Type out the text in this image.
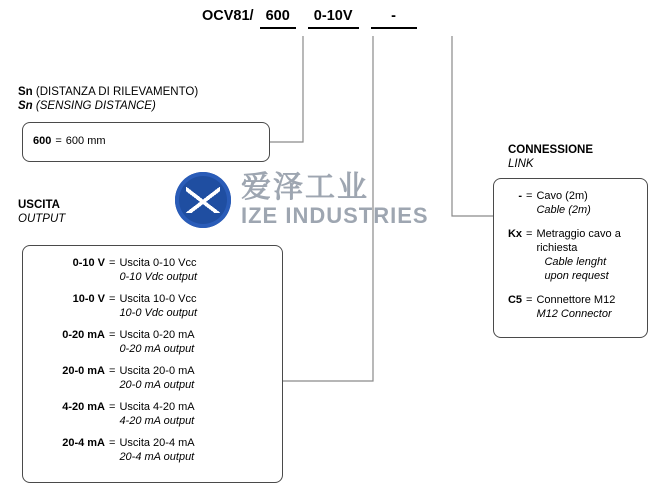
OCV81/ 600	0-10V	-
Sn (DISTANZA DI RILEVAMENTO)
Sn (SENSING DISTANCE)
600 = 600 mm
USCITA
OUTPUT
0-10 V = Uscita 0-10 Vcc
0-10 Vdc output
10-0 V = Uscita 10-0 Vcc
10-0 Vdc output
0-20 mA = Uscita 0-20 mA
0-20 mA output
20-0 mA = Uscita 20-0 mA
20-0 mA output
4-20 mA = Uscita 4-20 mA
4-20 mA output
20-4 mA = Uscita 20-4 mA
20-4 mA output
CONNESSIONE
LINK
- = Cavo (2m)
Cable (2m)
Kx = Metraggio cavo a richiesta
Cable lenght upon request
C5 = Connettore M12
M12 Connector
爱泽工业
IZE INDUSTRIES
